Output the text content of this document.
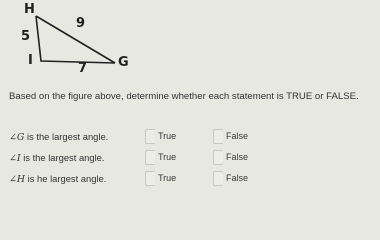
H
I	G
5
9
7
Based on the figure above, determine whether each statement is TRUE or FALSE.
∠G is the largest angle.	True	False
∠I is the largest angle.	True	False
∠H is he largest angle.	True	False
